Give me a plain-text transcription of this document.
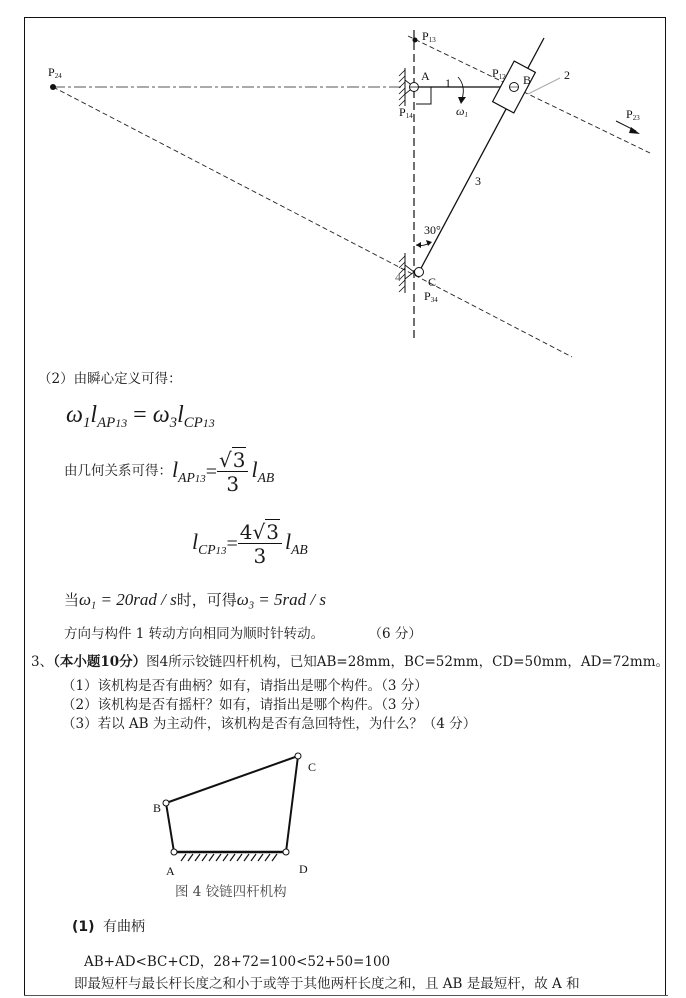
P24
P13
A
P14
1
ω1
P12 B	2
P23
3
30°
4 C
P34
（2）由瞬心定义可得：
$\omega_1l_{AP13} = \omega_3l_{CP13}$
由几何关系可得： $l_{AP13} = \frac{√3}{3} l_{AB}$
$l_{CP13} = \frac{4√3}{3} l_{AB}$
当$\omega_1 = 20rad / s$时，可得$\omega_3 = 5rad / s$
方向与构件 1 转动方向相同为顺时针转动。	（6 分）
3、（本小题10分）图4所示铰链四杆机构，已知AB=28mm，BC=52mm，CD=50mm，AD=72mm。
（1）该机构是否有曲柄？如有，请指出是哪个构件。（3 分）
（2）该机构是否有摇杆？如有，请指出是哪个构件。（3 分）
（3）若以 AB 为主动件，该机构是否有急回特性，为什么？（4 分）
A
B
C
D
图 4 铰链四杆机构
(1) 有曲柄
AB+AD<BC+CD，28+72=100<52+50=100
即最短杆与最长杆长度之和小于或等于其他两杆长度之和，且 AB 是最短杆，故 A 和
